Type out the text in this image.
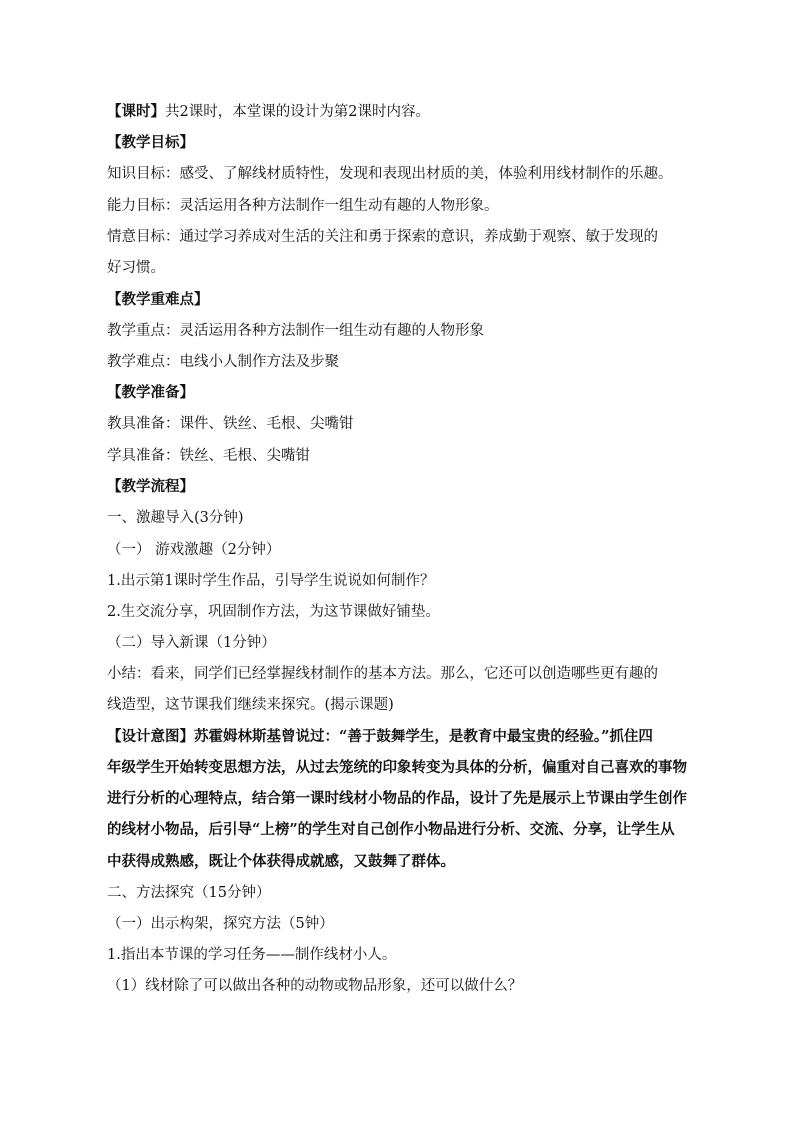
【课时】共2课时，本堂课的设计为第2课时内容。
【教学目标】
知识目标：感受、了解线材质特性，发现和表现出材质的美，体验利用线材制作的乐趣。
能力目标：灵活运用各种方法制作一组生动有趣的人物形象。
情意目标：通过学习养成对生活的关注和勇于探索的意识，养成勤于观察、敏于发现的
好习惯。
【教学重难点】
教学重点：灵活运用各种方法制作一组生动有趣的人物形象
教学难点：电线小人制作方法及步聚
【教学准备】
教具准备：课件、铁丝、毛根、尖嘴钳
学具准备：铁丝、毛根、尖嘴钳
【教学流程】
一、激趣导入(3分钟)
（一） 游戏激趣（2分钟）
1.出示第1课时学生作品，引导学生说说如何制作？
2.生交流分享，巩固制作方法，为这节课做好铺垫。
（二）导入新课（1分钟）
小结：看来，同学们已经掌握线材制作的基本方法。那么，它还可以创造哪些更有趣的
线造型，这节课我们继续来探究。(揭示课题)
【设计意图】苏霍姆林斯基曾说过：“善于鼓舞学生，是教育中最宝贵的经验。”抓住四
年级学生开始转变思想方法，从过去笼统的印象转变为具体的分析，偏重对自己喜欢的事物
进行分析的心理特点，结合第一课时线材小物品的作品，设计了先是展示上节课由学生创作
的线材小物品，后引导“上榜”的学生对自己创作小物品进行分析、交流、分享，让学生从
中获得成熟感，既让个体获得成就感，又鼓舞了群体。
二、方法探究（15分钟）
（一）出示构架，探究方法（5钟）
1.指出本节课的学习任务——制作线材小人。
（1）线材除了可以做出各种的动物或物品形象，还可以做什么？
